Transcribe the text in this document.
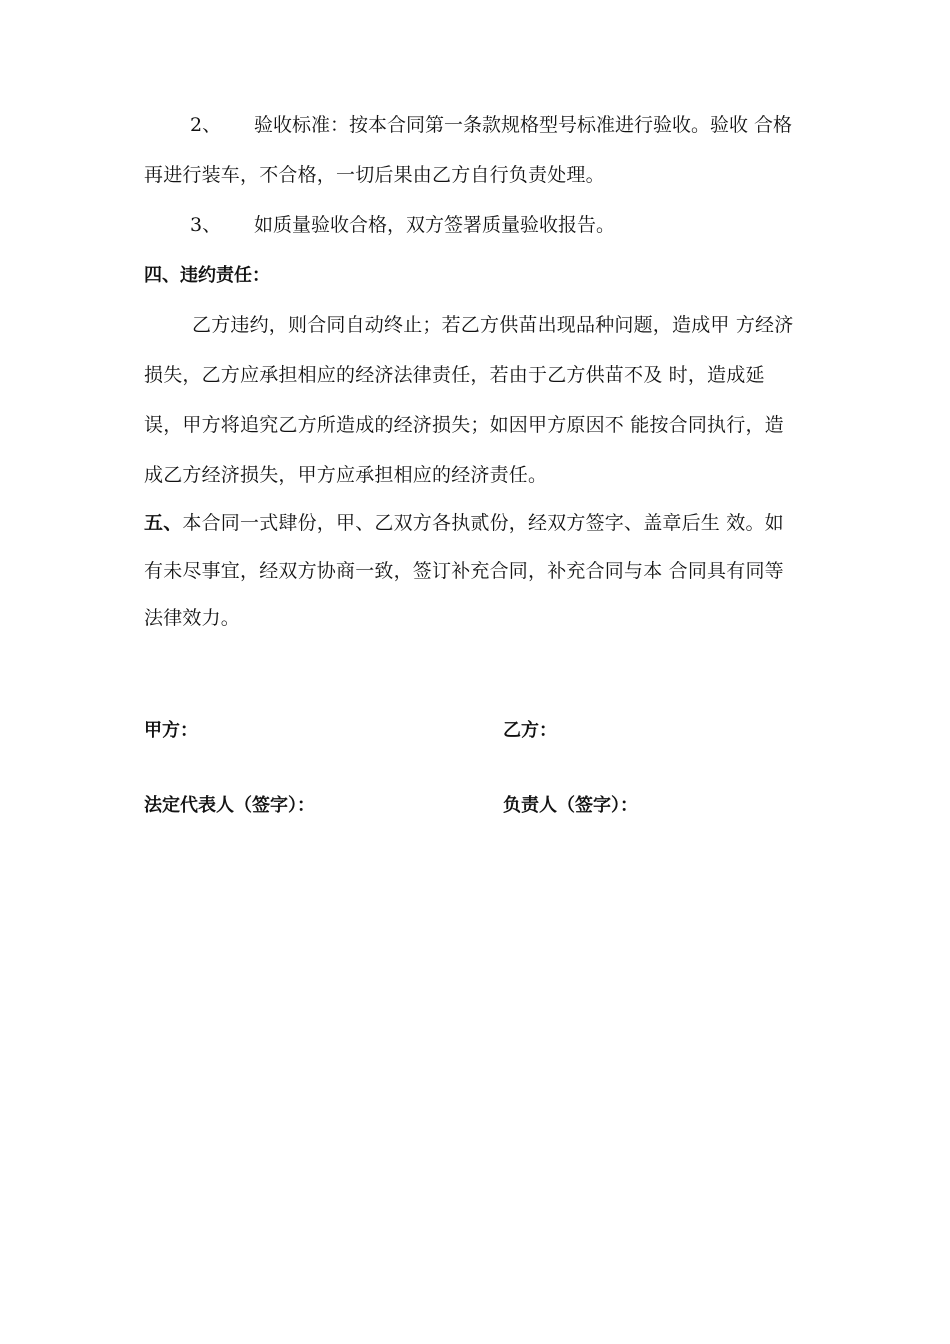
2、 验收标准：按本合同第一条款规格型号标准进行验收。验收 合格
再进行装车，不合格，一切后果由乙方自行负责处理。
3、 如质量验收合格，双方签署质量验收报告。
四、违约责任：
乙方违约，则合同自动终止；若乙方供苗出现品种问题，造成甲 方经济
损失，乙方应承担相应的经济法律责任，若由于乙方供苗不及 时，造成延
误，甲方将追究乙方所造成的经济损失；如因甲方原因不 能按合同执行，造
成乙方经济损失，甲方应承担相应的经济责任。
五、本合同一式肆份，甲、乙双方各执贰份，经双方签字、盖章后生 效。如
有未尽事宜，经双方协商一致，签订补充合同，补充合同与本 合同具有同等
法律效力。
甲方：	乙方：
法定代表人（签字）：	负责人（签字）：
